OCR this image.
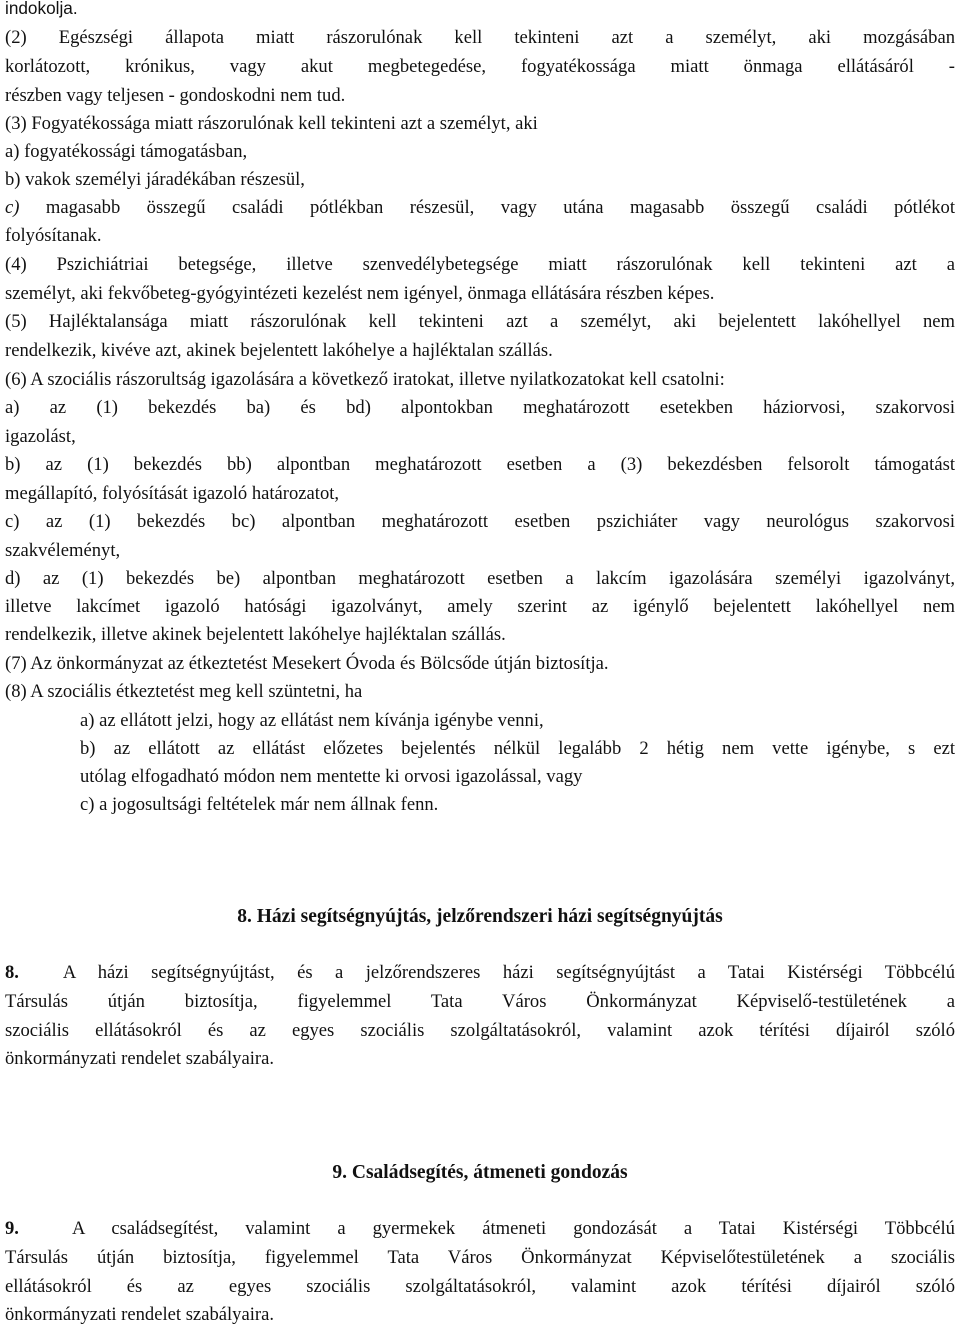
indokolja.
(2) Egészségi állapota miatt rászorulónak kell tekinteni azt a személyt, aki mozgásában
korlátozott, krónikus, vagy akut megbetegedése, fogyatékossága miatt önmaga ellátásáról -
részben vagy teljesen - gondoskodni nem tud.
(3) Fogyatékossága miatt rászorulónak kell tekinteni azt a személyt, aki
a) fogyatékossági támogatásban,
b) vakok személyi járadékában részesül,
c) magasabb összegű családi pótlékban részesül, vagy utána magasabb összegű családi pótlékot
folyósítanak.
(4) Pszichiátriai betegsége, illetve szenvedélybetegsége miatt rászorulónak kell tekinteni azt a
személyt, aki fekvőbeteg-gyógyintézeti kezelést nem igényel, önmaga ellátására részben képes.
(5) Hajléktalansága miatt rászorulónak kell tekinteni azt a személyt, aki bejelentett lakóhellyel nem
rendelkezik, kivéve azt, akinek bejelentett lakóhelye a hajléktalan szállás.
(6) A szociális rászorultság igazolására a következő iratokat, illetve nyilatkozatokat kell csatolni:
a) az (1) bekezdés ba) és bd) alpontokban meghatározott esetekben háziorvosi, szakorvosi
igazolást,
b) az (1) bekezdés bb) alpontban meghatározott esetben a (3) bekezdésben felsorolt támogatást
megállapító, folyósítását igazoló határozatot,
c) az (1) bekezdés bc) alpontban meghatározott esetben pszichiáter vagy neurológus szakorvosi
szakvéleményt,
d) az (1) bekezdés be) alpontban meghatározott esetben a lakcím igazolására személyi igazolványt,
illetve lakcímet igazoló hatósági igazolványt, amely szerint az igénylő bejelentett lakóhellyel nem
rendelkezik, illetve akinek bejelentett lakóhelye hajléktalan szállás.
(7) Az önkormányzat az étkeztetést Mesekert Óvoda és Bölcsőde útján biztosítja.
(8) A szociális étkeztetést meg kell szüntetni, ha
a) az ellátott jelzi, hogy az ellátást nem kívánja igénybe venni,
b) az ellátott az ellátást előzetes bejelentés nélkül legalább 2 hétig nem vette igénybe, s ezt
utólag elfogadható módon nem mentette ki orvosi igazolással, vagy
c) a jogosultsági feltételek már nem állnak fenn.
8. Házi segítségnyújtás, jelzőrendszeri házi segítségnyújtás
8. A házi segítségnyújtást, és a jelzőrendszeres házi segítségnyújtást a Tatai Kistérségi Többcélú
Társulás útján biztosítja, figyelemmel Tata Város Önkormányzat Képviselő-testületének a
szociális ellátásokról és az egyes szociális szolgáltatásokról, valamint azok térítési díjairól szóló
önkormányzati rendelet szabályaira.
9. Családsegítés, átmeneti gondozás
9.	A családsegítést, valamint a gyermekek átmeneti gondozását a Tatai Kistérségi Többcélú
Társulás útján biztosítja, figyelemmel Tata Város Önkormányzat Képviselőtestületének a szociális
ellátásokról és az egyes szociális szolgáltatásokról, valamint azok térítési díjairól szóló
önkormányzati rendelet szabályaira.
